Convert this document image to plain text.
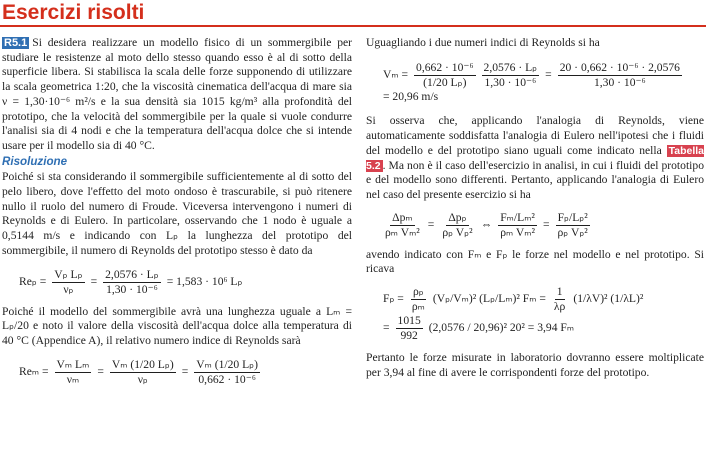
Esercizi risolti

R5.1 Si desidera realizzare un modello fisico di un sommergibile per studiare le resistenze al moto dello stesso quando esso è al di sotto della superficie libera. Si stabilisca la scala delle forze supponendo di utilizzare la scala geometrica 1:20, che la viscosità cinematica dell'acqua di mare sia ν = 1,30·10⁻⁶ m²/s e la sua densità sia 1015 kg/m³ alla profondità del prototipo, che la velocità del sommergibile per la quale si vuole condurre l'analisi sia di 4 nodi e che la temperatura dell'acqua dolce che si intende usare per il modello sia di 40 °C.

Risoluzione

Poiché si sta considerando il sommergibile sufficientemente al di sotto del pelo libero, dove l'effetto del moto ondoso è trascurabile, si può ritenere nullo il ruolo del numero di Froude. Viceversa intervengono i numeri di Reynolds e di Eulero. In particolare, osservando che 1 nodo è uguale a 0,5144 m/s e indicando con Lₚ la lunghezza del prototipo del sommergibile, il numero di Reynolds del prototipo stesso è dato da

$Re_p = \frac{\text{Vₚ Lₚ}}{\text{νₚ}} = \frac{\text{2,0576 · Lₚ}}{\text{1,30 · 10⁻⁶}} = 1,583 \cdot 10^6$ Lₚ

Poiché il modello del sommergibile avrà una lunghezza uguale a Lₘ = Lₚ/20 e noto il valore della viscosità dell'acqua dolce alla temperatura di 40 °C (Appendice A), il relativo numero indice di Reynolds sarà

$Re_m = \frac{\text{Vₘ Lₘ}}{\text{νₘ}} = \frac{\text{Vₘ (1/20 Lₚ)}}{\text{νₚ}} = \frac{\text{Vₘ (1/20 Lₚ)}}{\text{0,662 · 10⁻⁶}}$

Uguagliando i due numeri indici di Reynolds si ha

$V_m = \frac{\text{0,662 · 10⁻⁶}}{\text{(1/20 Lₚ)}} \frac{\text{2,0576 · Lₚ}}{\text{1,30 · 10⁻⁶}} = \frac{\text{20 · 0,662 · 10⁻⁶ · 2,0576}}{\text{1,30 · 10⁻⁶}}$
= 20,96 m/s

Si osserva che, applicando l'analogia di Reynolds, viene automaticamente soddisfatta l'analogia di Eulero nell'ipotesi che i fluidi del modello e del prototipo siano uguali come indicato nella Tabella 5.2 . Ma non è il caso dell'esercizio in analisi, in cui i fluidi del prototipo e del modello sono differenti. Pertanto, applicando l'analogia di Eulero nel caso del presente esercizio si ha

$\frac{\text{Δpₘ}}{\text{ρₘ Vₘ²}} = \frac{\text{Δpₚ}}{\text{ρₚ Vₚ²}}$ ⇔ $\frac{\text{Fₘ/Lₘ²}}{\text{ρₘ Vₘ²}} = \frac{\text{Fₚ/Lₚ²}}{\text{ρₚ Vₚ²}}$

avendo indicato con Fₘ e Fₚ le forze nel modello e nel prototipo. Si ricava

$F_p = \frac{\text{ρₚ}}{\text{ρₘ}} (V_p/V_m)^2$ (Lₚ/Lₘ)² $F_m = \frac{1}{\lambda\rho} (1/\lambda V)^2$ (1/λL)²
= $\frac{1015}{992} (2,0576 / 20,96)^2$ 20² = 3,94 Fₘ

Pertanto le forze misurate in laboratorio dovranno essere moltiplicate per 3,94 al fine di avere le corrispondenti forze del prototipo.
